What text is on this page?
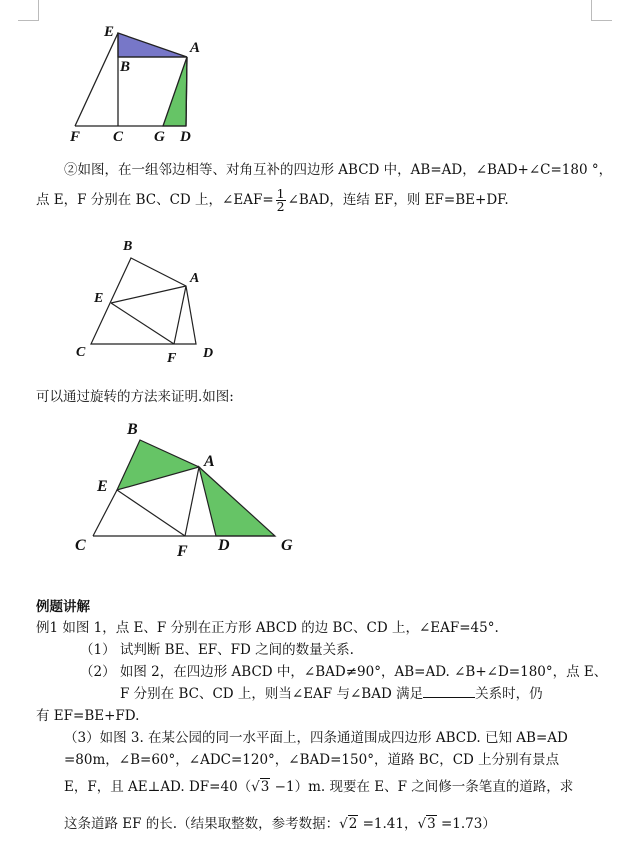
E
B
A
F C G D
B
A
E
C	F D
B
A
E
C	F D	G
②如图，在一组邻边相等、对角互补的四边形 ABCD 中，AB=AD，∠BAD+∠C=180 °，
点 E，F 分别在 BC、CD 上，∠EAF= $\frac{1}{2}$ ∠BAD，连结 EF，则 EF=BE+DF.
可以通过旋转的方法来证明.如图:
例题讲解
例1 如图 1，点 E、F 分别在正方形 ABCD 的边 BC、CD 上，∠EAF=45°.
（1） 试判断 BE、EF、FD 之间的数量关系.
（2） 如图 2，在四边形 ABCD 中，∠BAD≠90°，AB=AD. ∠B+∠D=180°，点 E、
F 分别在 BC、CD 上，则当∠EAF 与∠BAD 满足	关系时，仍
有 EF=BE+FD.
（3）如图 3. 在某公园的同一水平面上，四条通道围成四边形 ABCD. 已知 AB=AD
=80m，∠B=60°，∠ADC=120°，∠BAD=150°，道路 BC，CD 上分别有景点
E，F，且 AE⊥AD. DF=40（√3 −1）m. 现要在 E、F 之间修一条笔直的道路，求
这条道路 EF 的长.（结果取整数，参考数据：√2 =1.41，√3 =1.73）
